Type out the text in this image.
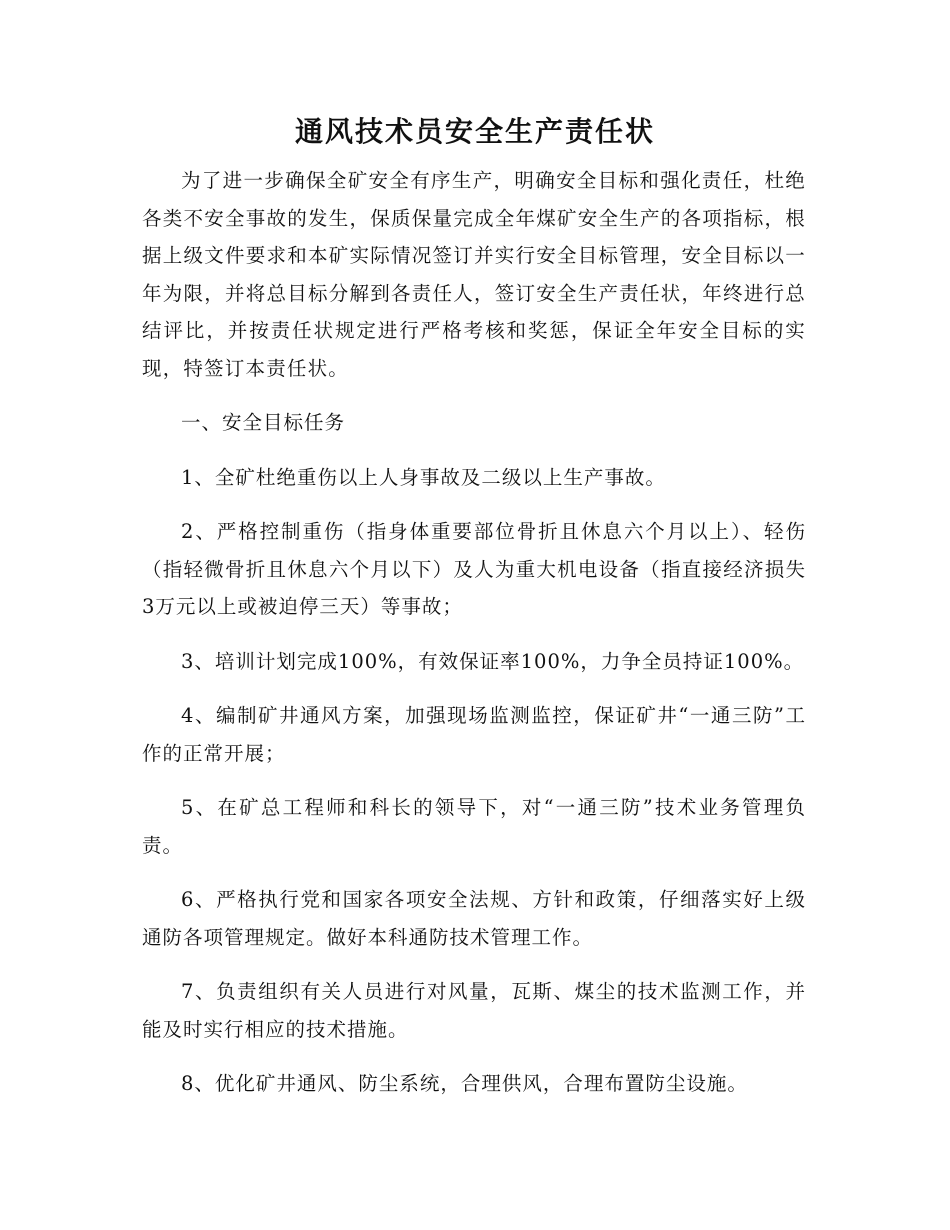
通风技术员安全生产责任状

为了进一步确保全矿安全有序生产，明确安全目标和强化责任，杜绝各类不安全事故的发生，保质保量完成全年煤矿安全生产的各项指标，根据上级文件要求和本矿实际情况签订并实行安全目标管理，安全目标以一年为限，并将总目标分解到各责任人，签订安全生产责任状，年终进行总结评比，并按责任状规定进行严格考核和奖惩，保证全年安全目标的实现，特签订本责任状。

一、安全目标任务

1、全矿杜绝重伤以上人身事故及二级以上生产事故。

2、严格控制重伤（指身体重要部位骨折且休息六个月以上）、轻伤（指轻微骨折且休息六个月以下）及人为重大机电设备（指直接经济损失3万元以上或被迫停三天）等事故；

3、培训计划完成100%，有效保证率100%，力争全员持证100%。

4、编制矿井通风方案，加强现场监测监控，保证矿井“一通三防”工作的正常开展；

5、在矿总工程师和科长的领导下，对“一通三防”技术业务管理负责。

6、严格执行党和国家各项安全法规、方针和政策，仔细落实好上级通防各项管理规定。做好本科通防技术管理工作。

7、负责组织有关人员进行对风量，瓦斯、煤尘的技术监测工作，并能及时实行相应的技术措施。

8、优化矿井通风、防尘系统，合理供风，合理布置防尘设施。
